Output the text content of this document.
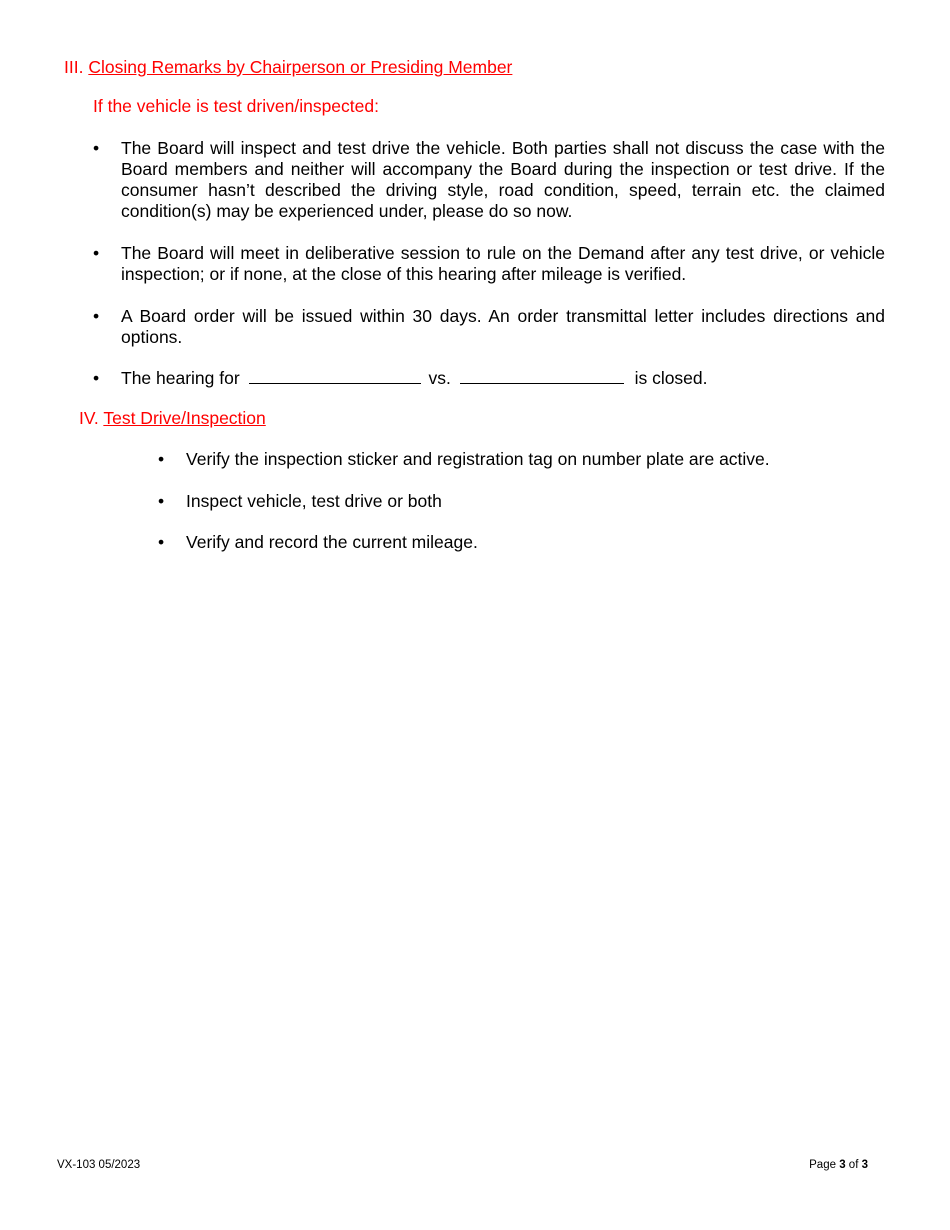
III. Closing Remarks by Chairperson or Presiding Member
If the vehicle is test driven/inspected:
•	The Board will inspect and test drive the vehicle. Both parties shall not discuss the case with the Board members and neither will accompany the Board during the inspection or test drive. If the consumer hasn’t described the driving style, road condition, speed, terrain etc. the claimed condition(s) may be experienced under, please do so now.
•	The Board will meet in deliberative session to rule on the Demand after any test drive, or vehicle inspection; or if none, at the close of this hearing after mileage is verified.
•	A Board order will be issued within 30 days. An order transmittal letter includes directions and options.
•	The hearing for	vs.	is closed.
IV. Test Drive/Inspection
•	Verify the inspection sticker and registration tag on number plate are active.
•	Inspect vehicle, test drive or both
•	Verify and record the current mileage.
VX-103 05/2023	Page 3 of 3
